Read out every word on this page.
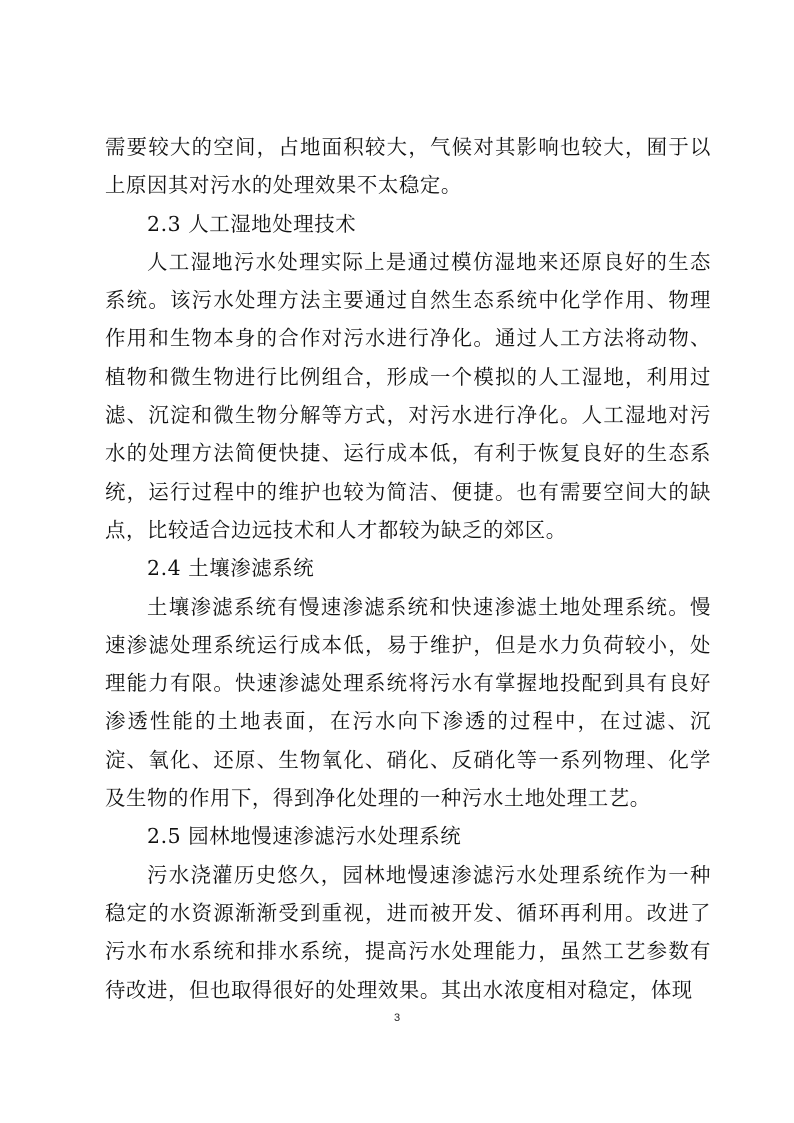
需要较大的空间，占地面积较大，气候对其影响也较大，囿于以上原因其对污水的处理效果不太稳定。

2.3 人工湿地处理技术

人工湿地污水处理实际上是通过模仿湿地来还原良好的生态系统。该污水处理方法主要通过自然生态系统中化学作用、物理作用和生物本身的合作对污水进行净化。通过人工方法将动物、植物和微生物进行比例组合，形成一个模拟的人工湿地，利用过滤、沉淀和微生物分解等方式，对污水进行净化。人工湿地对污水的处理方法简便快捷、运行成本低，有利于恢复良好的生态系统，运行过程中的维护也较为简洁、便捷。也有需要空间大的缺点，比较适合边远技术和人才都较为缺乏的郊区。

2.4 土壤渗滤系统

土壤渗滤系统有慢速渗滤系统和快速渗滤土地处理系统。慢速渗滤处理系统运行成本低，易于维护，但是水力负荷较小，处理能力有限。快速渗滤处理系统将污水有掌握地投配到具有良好渗透性能的土地表面，在污水向下渗透的过程中，在过滤、沉淀、氧化、还原、生物氧化、硝化、反硝化等一系列物理、化学及生物的作用下，得到净化处理的一种污水土地处理工艺。

2.5 园林地慢速渗滤污水处理系统

污水浇灌历史悠久，园林地慢速渗滤污水处理系统作为一种稳定的水资源渐渐受到重视，进而被开发、循环再利用。改进了污水布水系统和排水系统，提高污水处理能力，虽然工艺参数有待改进，但也取得很好的处理效果。其出水浓度相对稳定，体现

3
